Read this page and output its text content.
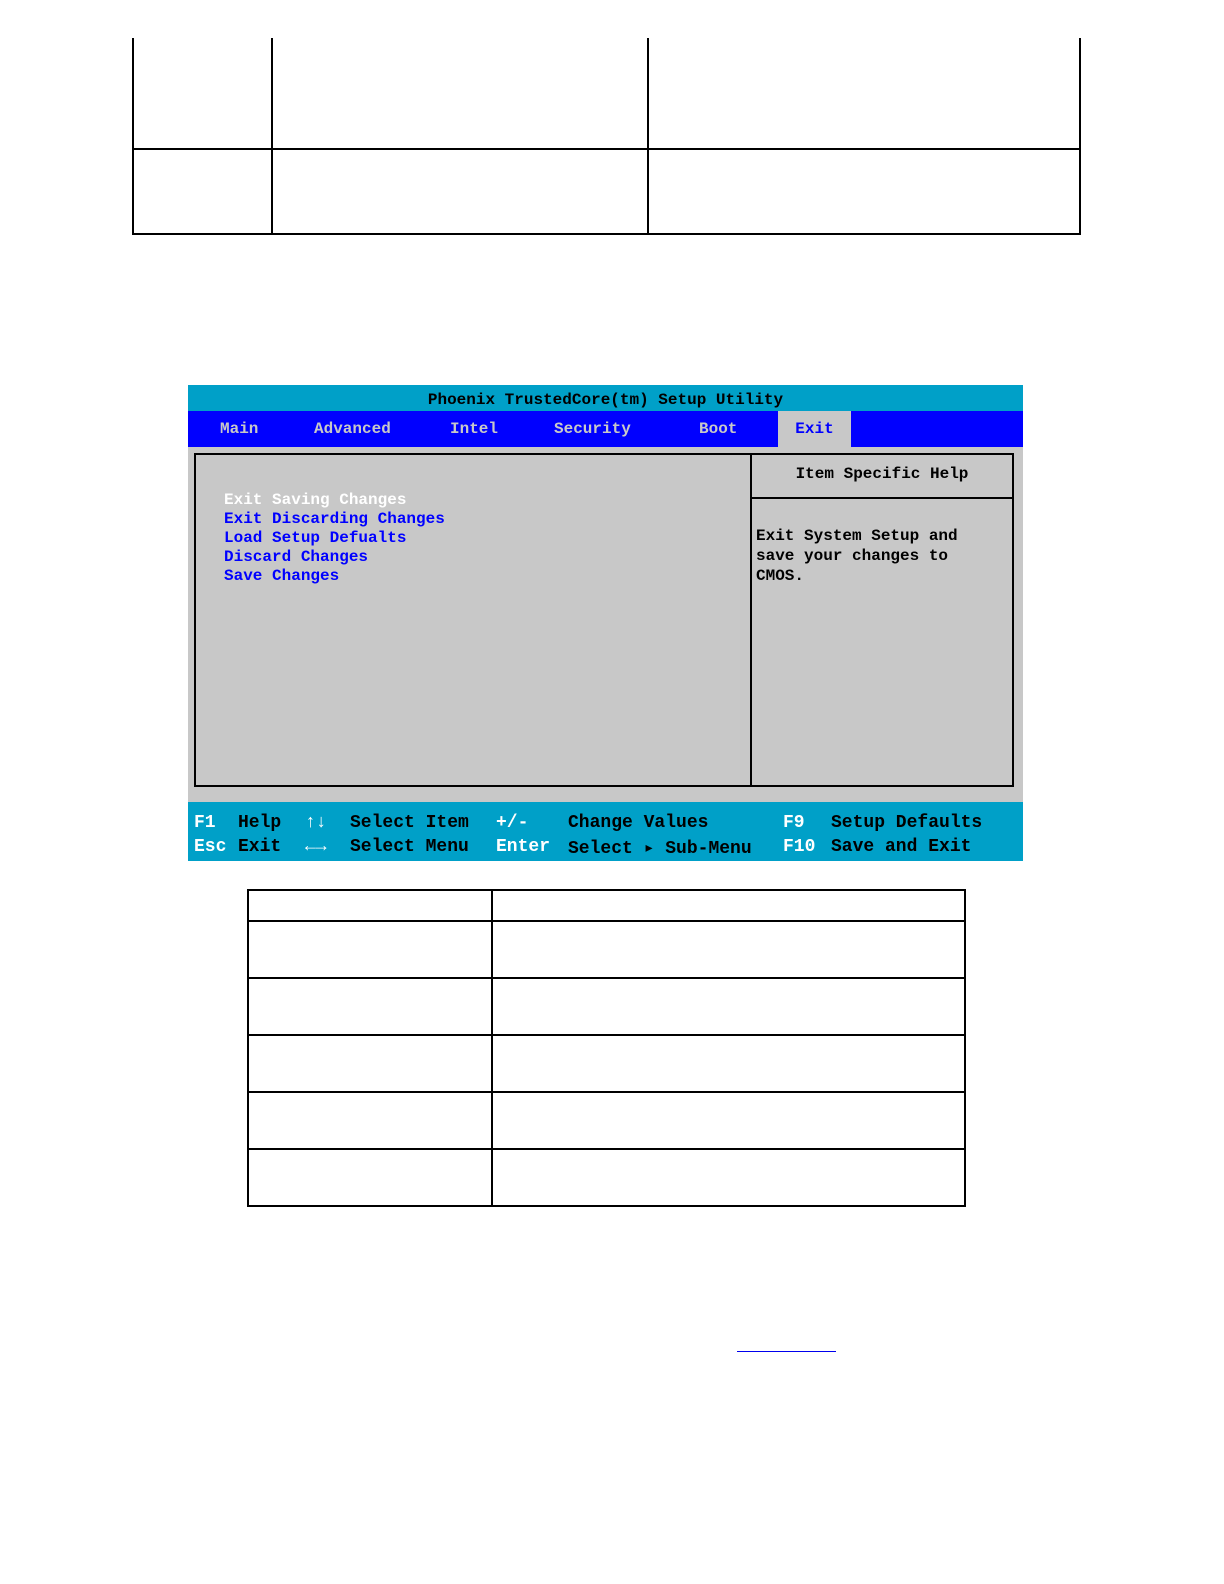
Phoenix TrustedCore(tm) Setup Utility
Main	Advanced	Intel	Security	Boot	Exit
Exit Saving Changes
Exit Discarding Changes
Load Setup Defualts
Discard Changes
Save Changes
Item Specific Help
Exit System Setup and
save your changes to
CMOS.
F1 Help ↑↓ Select Item +/- Change Values	F9 Setup Defaults
Esc Exit ←→ Select Menu Enter Select ▸ Sub-Menu F10 Save and Exit
